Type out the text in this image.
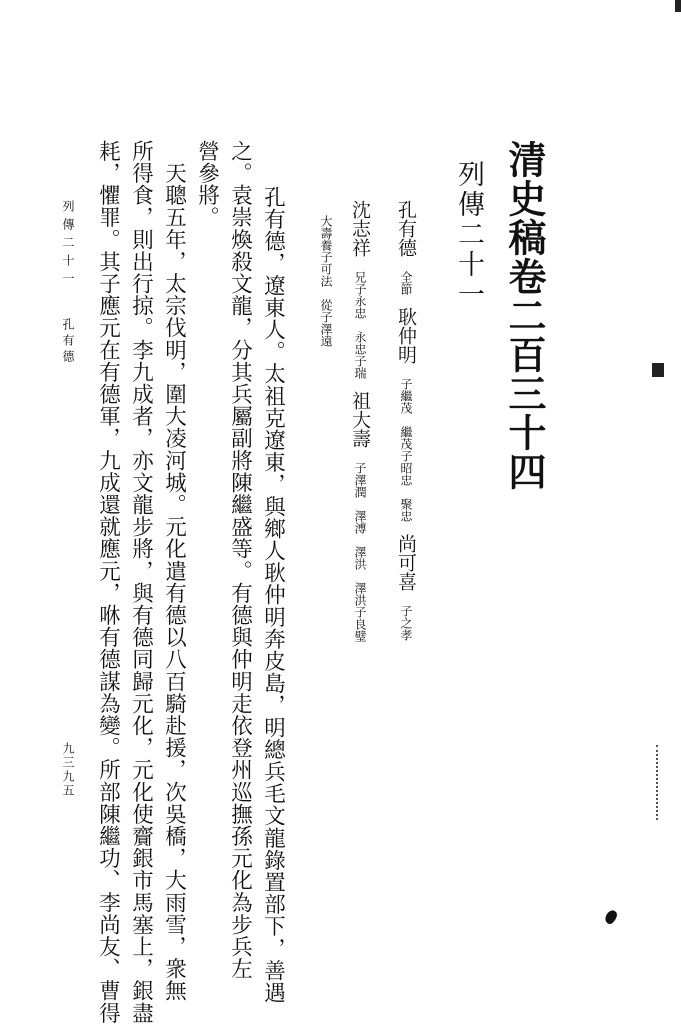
清史稿卷二百三十四
列傳二十一
孔有德 全節　耿仲明 子繼茂　繼茂子昭忠　聚忠　尚可喜 子之孝
沈志祥 兄子永忠　永忠子瑞　祖大壽 子澤潤　澤溥　澤洪　澤洪子良璧
大壽養子可法　從子澤遠
孔有德，遼東人。太祖克遼東，與鄉人耿仲明奔皮島，明總兵毛文龍錄置部下，善遇
之。袁崇煥殺文龍，分其兵屬副將陳繼盛等。有德與仲明走依登州巡撫孫元化為步兵左
營參將。
　天聰五年，太宗伐明，圍大凌河城。元化遣有德以八百騎赴援，次吳橋，大雨雪，衆無
所得食，則出行掠。李九成者，亦文龍步將，與有德同歸元化，元化使齎銀市馬塞上，銀盡
耗，懼罪。其子應元在有德軍，九成還就應元，咻有德謀為變。所部陳繼功、李尚友、曹得
列傳二十一
孔有德
九三九五
